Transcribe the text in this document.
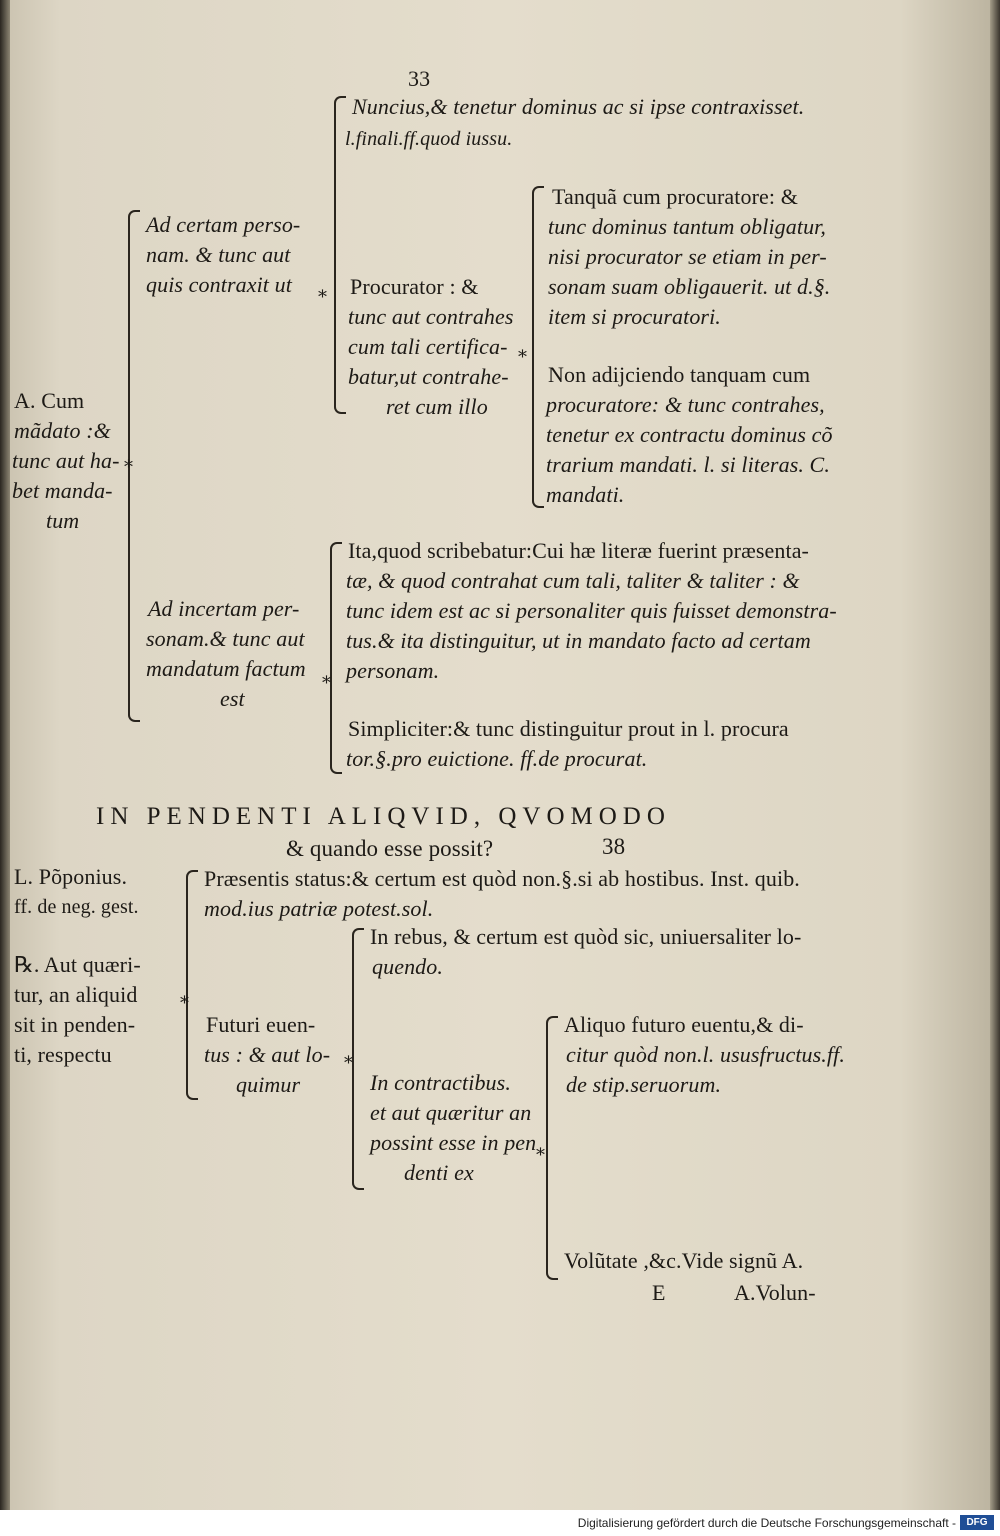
33

Nuncius,& tenetur dominus ac si ipse contraxisset.

l.finali.ff.quod iussu.

Ad certam perso-

nam. & tunc aut

quis contraxit ut	Procurator : &

tunc aut contrahes

cum tali certifica-

batur,ut contrahe-

ret cum illo

Tanquã cum procuratore: &

tunc dominus tantum obligatur,

nisi procurator se etiam in per-

sonam suam obligauerit. ut d.§.

item si procuratori.

Non adijciendo tanquam cum

procuratore: & tunc contrahes,

tenetur ex contractu dominus cõ

trarium mandati. l. si literas. C.

mandati.

A. Cum

mãdato :&

tunc aut ha-

bet manda-

tum

Ita,quod scribebatur:Cui hæ literæ fuerint præsenta-

tæ, & quod contrahat cum tali, taliter & taliter : &

tunc idem est ac si personaliter quis fuisset demonstra-

tus.& ita distinguitur, ut in mandato facto ad certam

personam.

Ad incertam per-

sonam.& tunc aut

mandatum factum

est

Simpliciter:& tunc distinguitur prout in l. procura

tor.§.pro euictione. ff.de procurat.

IN PENDENTI ALIQVID, QVOMODO

& quando esse possit?	38

L. Põponius.

ff. de neg. gest.

℞. Aut quæri-

tur, an aliquid

sit in penden-

ti, respectu

Præsentis status:& certum est quòd non.§.si ab hostibus. Inst. quib.

mod.ius patriæ potest.sol.

Futuri euen-

tus : & aut lo-

quimur

In rebus, & certum est quòd sic, uniuersaliter lo-

quendo.

In contractibus.

et aut quæritur an

possint esse in pen

denti ex

Aliquo futuro euentu,& di-

citur quòd non.l. ususfructus.ff.

de stip.seruorum.

Volũtate ,&c.Vide signũ A.

E	A.Volun-

⁎
⁎
⁎
⁎
⁎
⁎
⁎
Digitalisierung gefördert durch die Deutsche Forschungsgemeinschaft -	DFG
